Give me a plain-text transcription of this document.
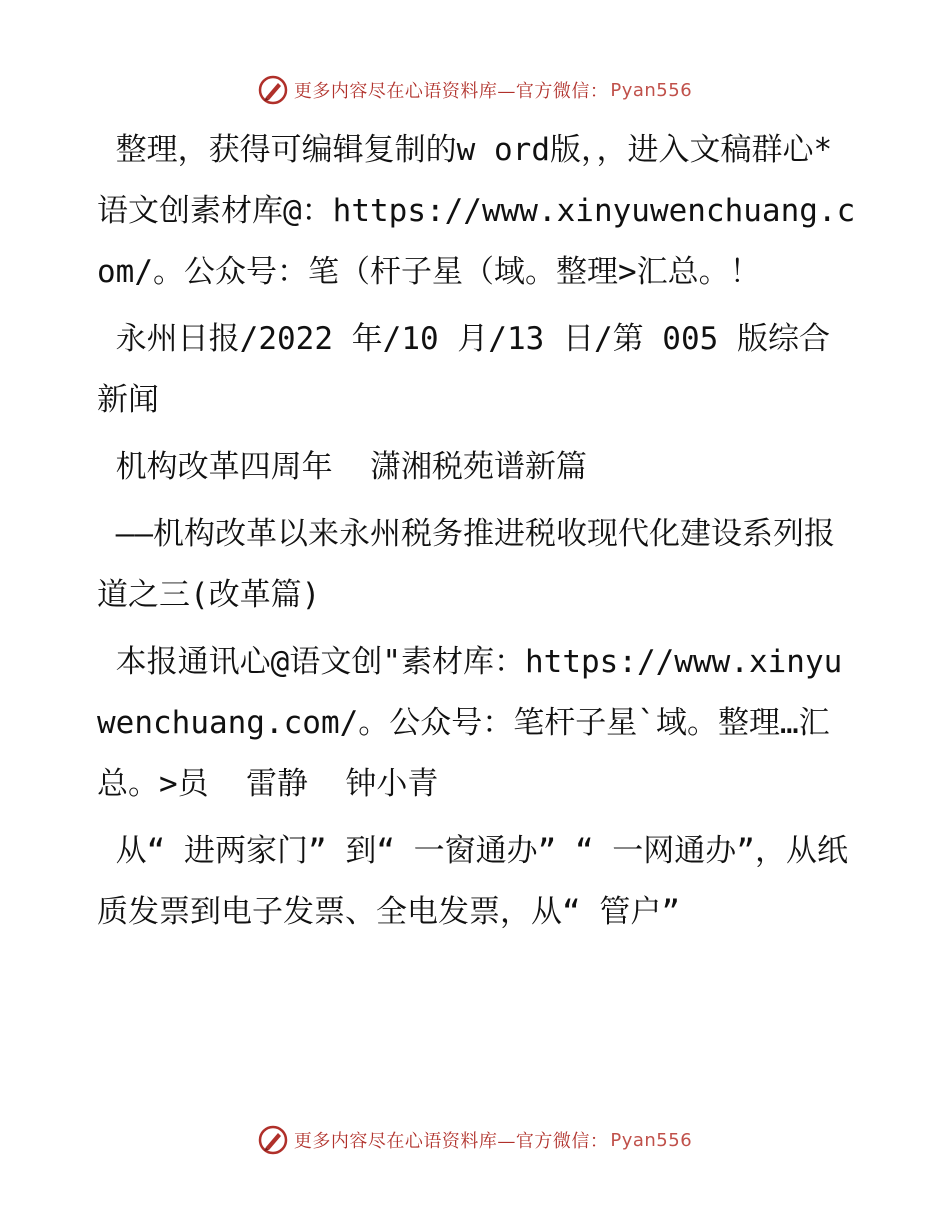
更多内容尽在心语资料库—官方微信： Pyan556

整理，获得可编辑复制的w ord版，，进入文稿群心*语文创素材库@：https://www.xinyuwenchuang.com/。公众号：笔（杆子星（域。整理>汇总。！

永州日报/2022 年/10 月/13 日/第 005 版综合新闻

机构改革四周年  潇湘税苑谱新篇

——机构改革以来永州税务推进税收现代化建设系列报道之三(改革篇)

本报通讯心@语文创"素材库：https://www.xinyuwenchuang.com/。公众号：笔杆子星`域。整理…汇总。>员  雷静  钟小青

从“ 进两家门” 到“ 一窗通办” “ 一网通办”，从纸质发票到电子发票、全电发票，从“ 管户”

更多内容尽在心语资料库—官方微信： Pyan556
